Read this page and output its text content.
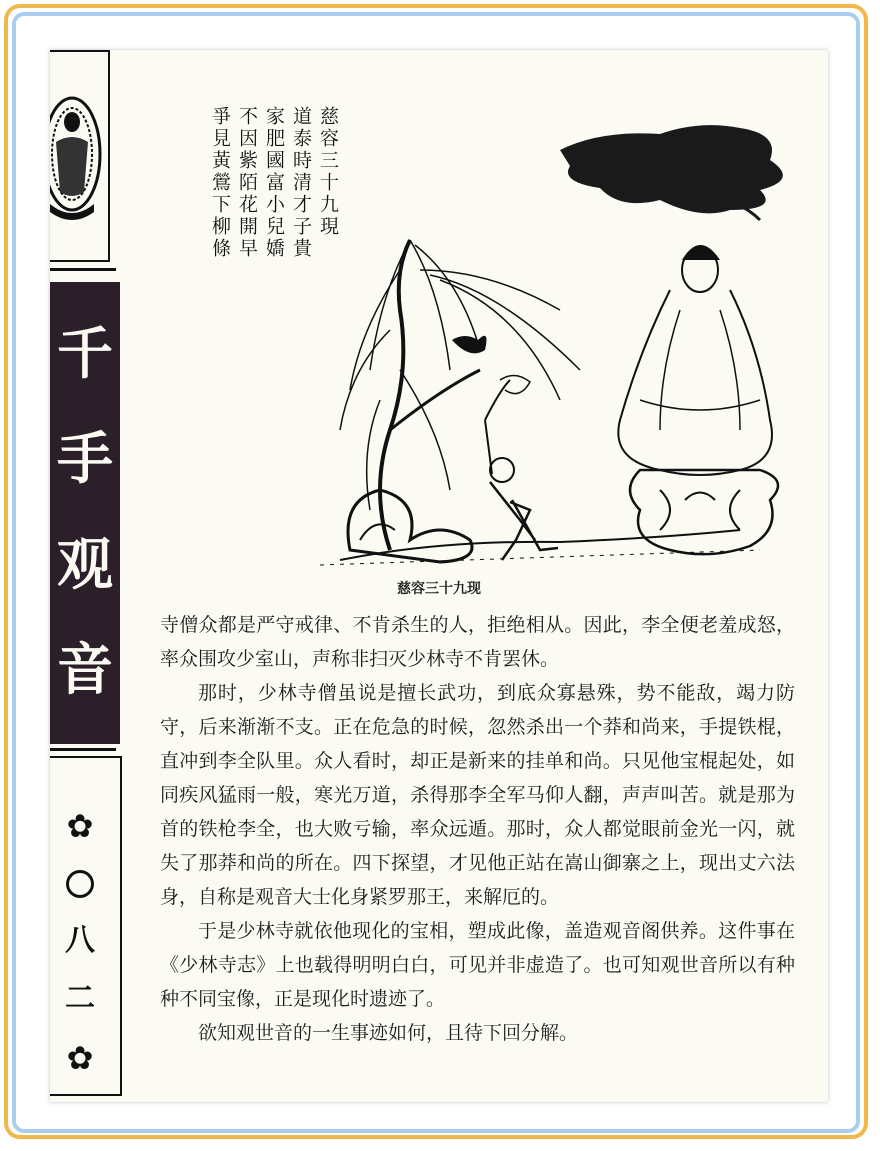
千
手
观
音
✿
八
二
✿
慈容三十九現
道泰時清才子貴
家肥國富小兒嬌
不因紫陌花開早
爭見黃鶯下柳條
慈容三十九现

寺僧众都是严守戒律、不肯杀生的人，拒绝相从。因此，李全便老羞成怒，率众围攻少室山，声称非扫灭少林寺不肯罢休。

那时，少林寺僧虽说是擅长武功，到底众寡悬殊，势不能敌，竭力防守，后来渐渐不支。正在危急的时候，忽然杀出一个莽和尚来，手提铁棍，直冲到李全队里。众人看时，却正是新来的挂单和尚。只见他宝棍起处，如同疾风猛雨一般，寒光万道，杀得那李全军马仰人翻，声声叫苦。就是那为首的铁枪李全，也大败亏输，率众远遁。那时，众人都觉眼前金光一闪，就失了那莽和尚的所在。四下探望，才见他正站在嵩山御寨之上，现出丈六法身，自称是观音大士化身紧罗那王，来解厄的。

于是少林寺就依他现化的宝相，塑成此像，盖造观音阁供养。这件事在《少林寺志》上也载得明明白白，可见并非虚造了。也可知观世音所以有种种不同宝像，正是现化时遗迹了。

欲知观世音的一生事迹如何，且待下回分解。
